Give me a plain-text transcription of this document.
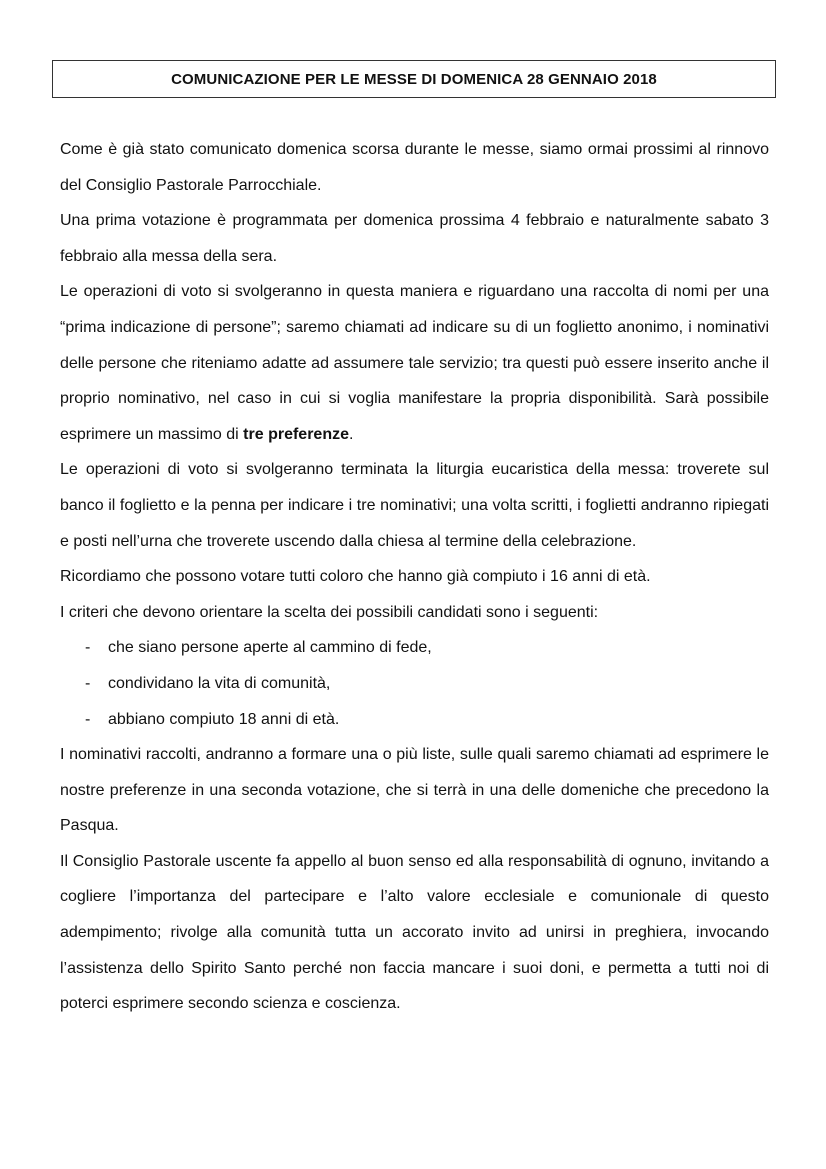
COMUNICAZIONE PER LE MESSE DI DOMENICA 28 GENNAIO 2018

Come è già stato comunicato domenica scorsa durante le messe, siamo ormai prossimi al rinnovo del Consiglio Pastorale Parrocchiale.

Una prima votazione è programmata per domenica prossima 4 febbraio e naturalmente sabato 3 febbraio alla messa della sera.

Le operazioni di voto si svolgeranno in questa maniera e riguardano una raccolta di nomi per una “prima indicazione di persone”; saremo chiamati ad indicare su di un foglietto anonimo, i nominativi delle persone che riteniamo adatte ad assumere tale servizio; tra questi può essere inserito anche il proprio nominativo, nel caso in cui si voglia manifestare la propria disponibilità. Sarà possibile esprimere un massimo di tre preferenze.

Le operazioni di voto si svolgeranno terminata la liturgia eucaristica della messa: troverete sul banco il foglietto e la penna per indicare i tre nominativi; una volta scritti, i foglietti andranno ripiegati e posti nell’urna che troverete uscendo dalla chiesa al termine della celebrazione.

Ricordiamo che possono votare tutti coloro che hanno già compiuto i 16 anni di età.

I criteri che devono orientare la scelta dei possibili candidati sono i seguenti:

- che siano persone aperte al cammino di fede,
- condividano la vita di comunità,
- abbiano compiuto 18 anni di età.

I nominativi raccolti, andranno a formare una o più liste, sulle quali saremo chiamati ad esprimere le nostre preferenze in una seconda votazione, che si terrà in una delle domeniche che precedono la Pasqua.

Il Consiglio Pastorale uscente fa appello al buon senso ed alla responsabilità di ognuno, invitando a cogliere l’importanza del partecipare e l’alto valore ecclesiale e comunionale di questo adempimento; rivolge alla comunità tutta un accorato invito ad unirsi in preghiera, invocando l’assistenza dello Spirito Santo perché non faccia mancare i suoi doni, e permetta a tutti noi di poterci esprimere secondo scienza e coscienza.
